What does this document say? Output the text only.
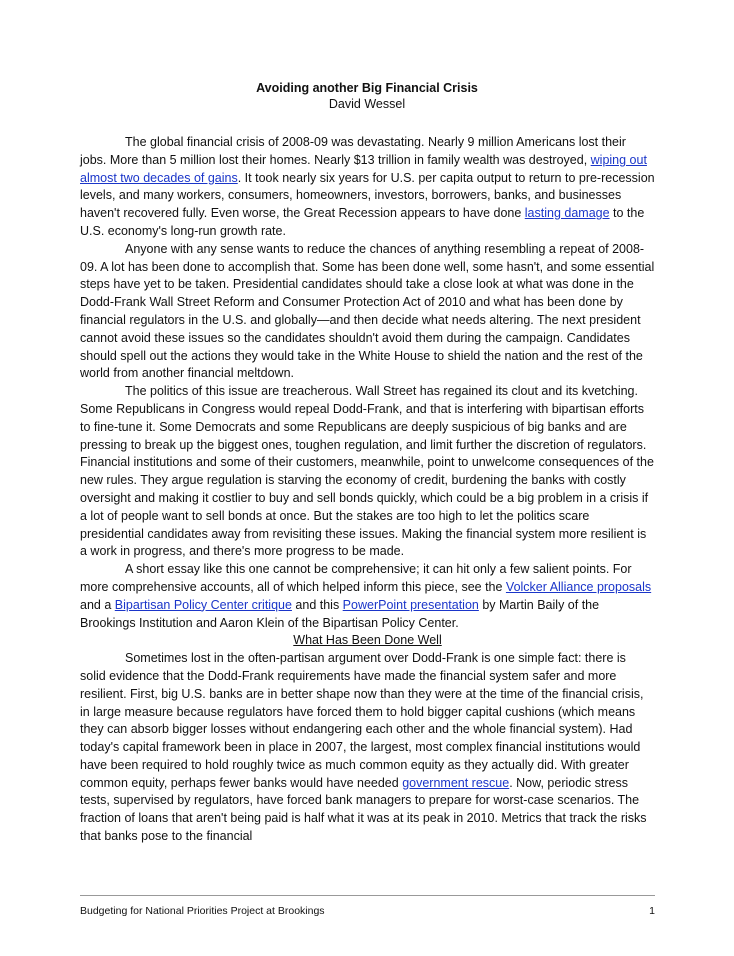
Avoiding another Big Financial Crisis
David Wessel

The global financial crisis of 2008-09 was devastating. Nearly 9 million Americans lost their jobs. More than 5 million lost their homes. Nearly $13 trillion in family wealth was destroyed, wiping out almost two decades of gains. It took nearly six years for U.S. per capita output to return to pre-recession levels, and many workers, consumers, homeowners, investors, borrowers, banks, and businesses haven't recovered fully. Even worse, the Great Recession appears to have done lasting damage to the U.S. economy's long-run growth rate.

Anyone with any sense wants to reduce the chances of anything resembling a repeat of 2008-09. A lot has been done to accomplish that. Some has been done well, some hasn't, and some essential steps have yet to be taken. Presidential candidates should take a close look at what was done in the Dodd-Frank Wall Street Reform and Consumer Protection Act of 2010 and what has been done by financial regulators in the U.S. and globally—and then decide what needs altering. The next president cannot avoid these issues so the candidates shouldn't avoid them during the campaign. Candidates should spell out the actions they would take in the White House to shield the nation and the rest of the world from another financial meltdown.

The politics of this issue are treacherous. Wall Street has regained its clout and its kvetching. Some Republicans in Congress would repeal Dodd-Frank, and that is interfering with bipartisan efforts to fine-tune it. Some Democrats and some Republicans are deeply suspicious of big banks and are pressing to break up the biggest ones, toughen regulation, and limit further the discretion of regulators. Financial institutions and some of their customers, meanwhile, point to unwelcome consequences of the new rules. They argue regulation is starving the economy of credit, burdening the banks with costly oversight and making it costlier to buy and sell bonds quickly, which could be a big problem in a crisis if a lot of people want to sell bonds at once. But the stakes are too high to let the politics scare presidential candidates away from revisiting these issues. Making the financial system more resilient is a work in progress, and there's more progress to be made.

A short essay like this one cannot be comprehensive; it can hit only a few salient points. For more comprehensive accounts, all of which helped inform this piece, see the Volcker Alliance proposals and a Bipartisan Policy Center critique and this PowerPoint presentation by Martin Baily of the Brookings Institution and Aaron Klein of the Bipartisan Policy Center.

What Has Been Done Well

Sometimes lost in the often-partisan argument over Dodd-Frank is one simple fact: there is solid evidence that the Dodd-Frank requirements have made the financial system safer and more resilient. First, big U.S. banks are in better shape now than they were at the time of the financial crisis, in large measure because regulators have forced them to hold bigger capital cushions (which means they can absorb bigger losses without endangering each other and the whole financial system). Had today's capital framework been in place in 2007, the largest, most complex financial institutions would have been required to hold roughly twice as much common equity as they actually did. With greater common equity, perhaps fewer banks would have needed government rescue. Now, periodic stress tests, supervised by regulators, have forced bank managers to prepare for worst-case scenarios. The fraction of loans that aren't being paid is half what it was at its peak in 2010. Metrics that track the risks that banks pose to the financial

Budgeting for National Priorities Project at Brookings	1
